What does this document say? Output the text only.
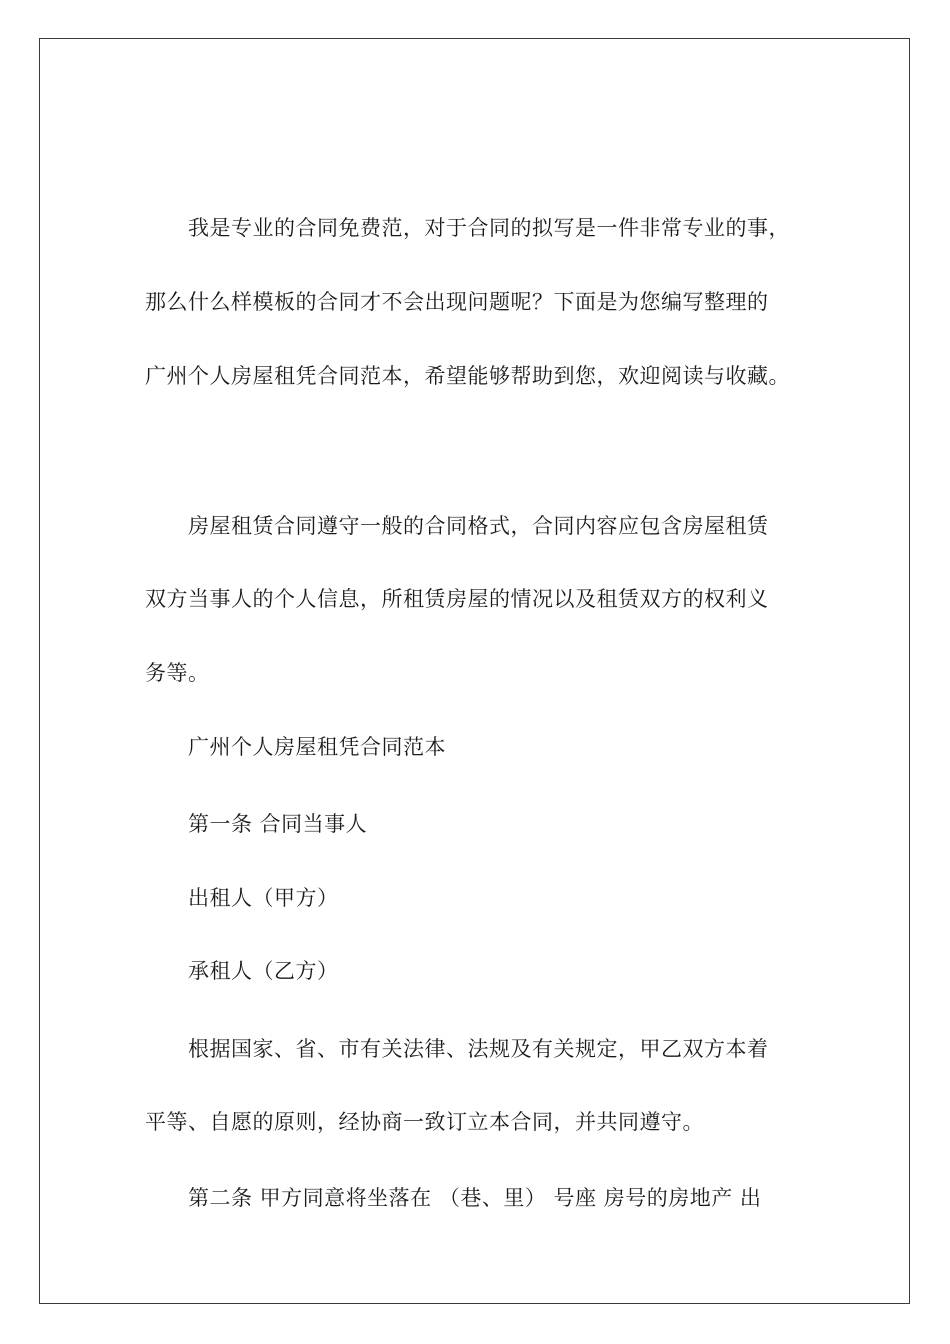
我是专业的合同免费范，对于合同的拟写是一件非常专业的事，
那么什么样模板的合同才不会出现问题呢？下面是为您编写整理的
广州个人房屋租凭合同范本，希望能够帮助到您，欢迎阅读与收藏。
房屋租赁合同遵守一般的合同格式，合同内容应包含房屋租赁
双方当事人的个人信息，所租赁房屋的情况以及租赁双方的权利义
务等。
广州个人房屋租凭合同范本
第一条 合同当事人
出租人（甲方）
承租人（乙方）
根据国家、省、市有关法律、法规及有关规定，甲乙双方本着
平等、自愿的原则，经协商一致订立本合同，并共同遵守。
第二条 甲方同意将坐落在 （巷、里） 号座 房号的房地产 出
